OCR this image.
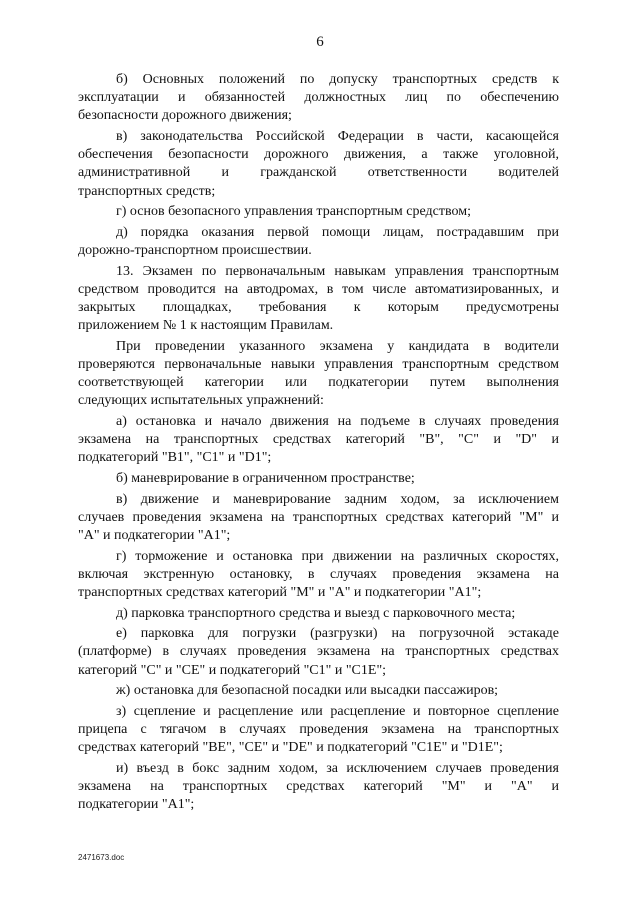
6
б) Основных положений по допуску транспортных средств к
эксплуатации и обязанностей должностных лиц по обеспечению
безопасности дорожного движения;
в) законодательства Российской Федерации в части, касающейся
обеспечения безопасности дорожного движения, а также уголовной,
административной и гражданской ответственности водителей
транспортных средств;
г) основ безопасного управления транспортным средством;
д) порядка оказания первой помощи лицам, пострадавшим при
дорожно-транспортном происшествии.
13. Экзамен по первоначальным навыкам управления транспортным
средством проводится на автодромах, в том числе автоматизированных, и
закрытых площадках, требования к которым предусмотрены
приложением № 1 к настоящим Правилам.
При проведении указанного экзамена у кандидата в водители
проверяются первоначальные навыки управления транспортным средством
соответствующей категории или подкатегории путем выполнения
следующих испытательных упражнений:
а) остановка и начало движения на подъеме в случаях проведения
экзамена на транспортных средствах категорий "B", "C" и "D" и
подкатегорий "B1", "C1" и "D1";
б) маневрирование в ограниченном пространстве;
в) движение и маневрирование задним ходом, за исключением
случаев проведения экзамена на транспортных средствах категорий "M" и
"A" и подкатегории "A1";
г) торможение и остановка при движении на различных скоростях,
включая экстренную остановку, в случаях проведения экзамена на
транспортных средствах категорий "M" и "A" и подкатегории "A1";
д) парковка транспортного средства и выезд с парковочного места;
е) парковка для погрузки (разгрузки) на погрузочной эстакаде
(платформе) в случаях проведения экзамена на транспортных средствах
категорий "C" и "CE" и подкатегорий "C1" и "C1E";
ж) остановка для безопасной посадки или высадки пассажиров;
з) сцепление и расцепление или расцепление и повторное сцепление
прицепа с тягачом в случаях проведения экзамена на транспортных
средствах категорий "BE", "CE" и "DE" и подкатегорий "C1E" и "D1E";
и) въезд в бокс задним ходом, за исключением случаев проведения
экзамена на транспортных средствах категорий "M" и "A" и
подкатегории "A1";
2471673.doc
